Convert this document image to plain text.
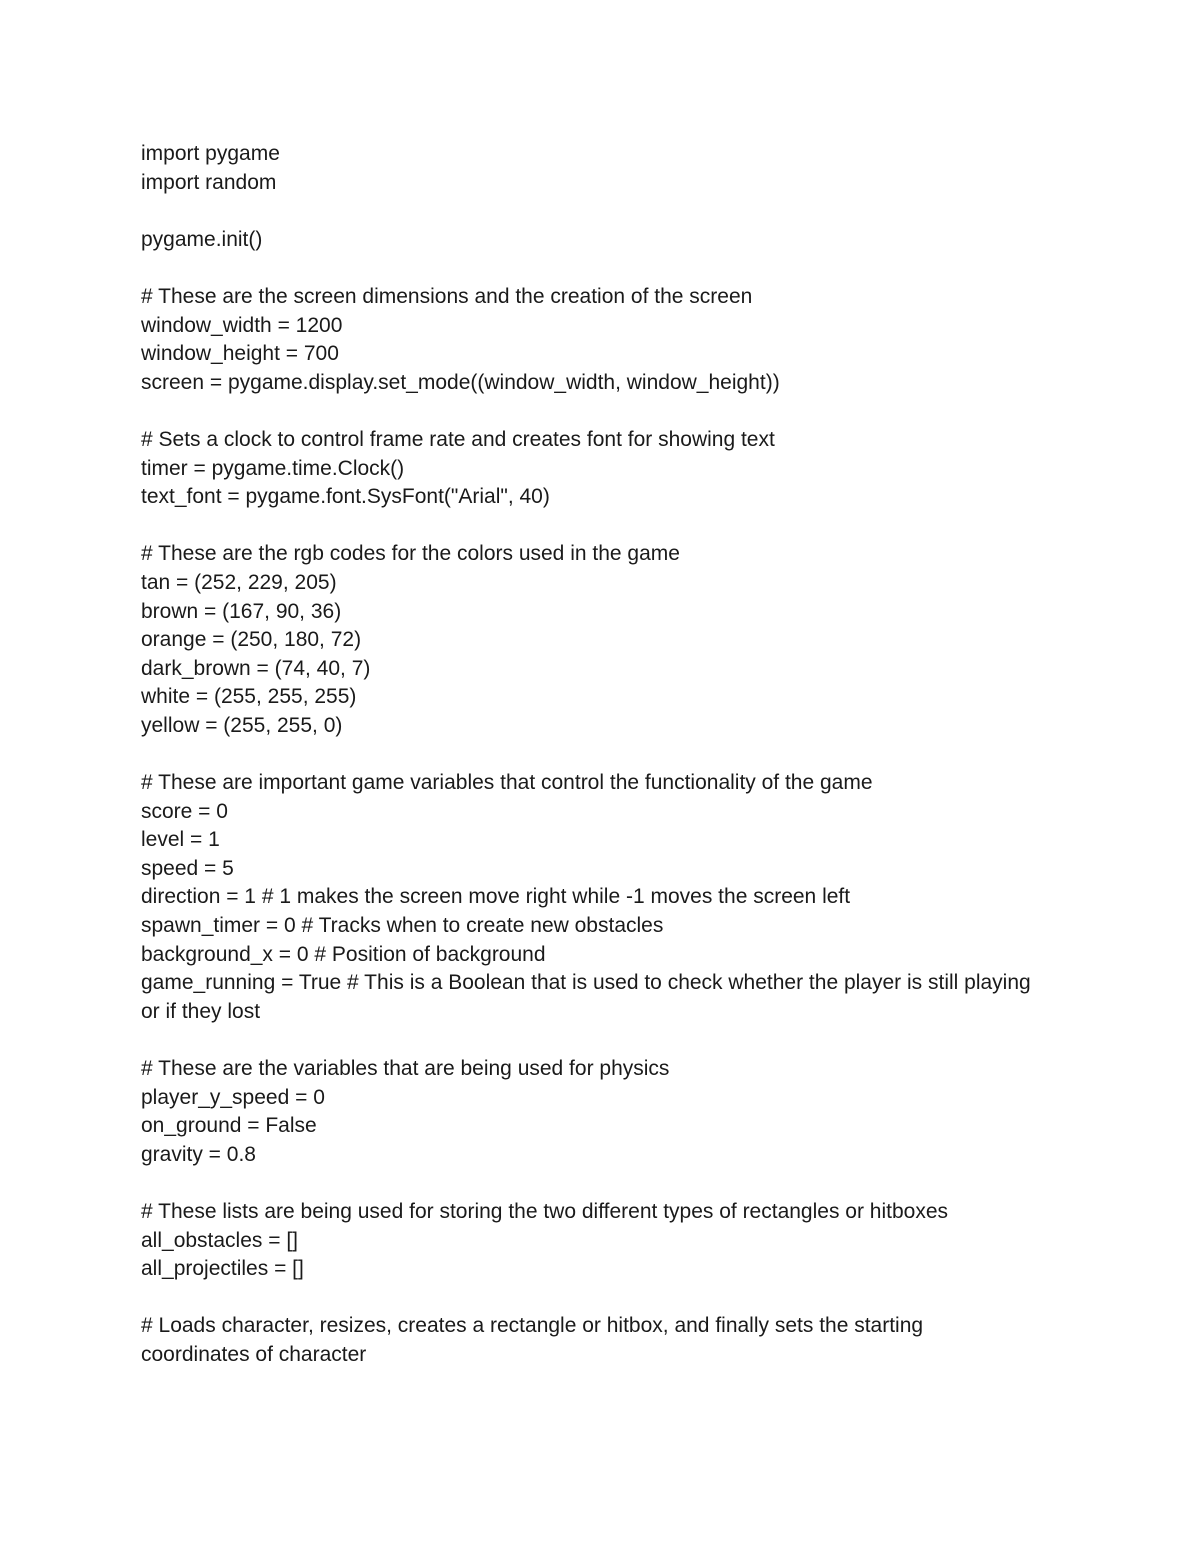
import pygame
import random
pygame.init()
# These are the screen dimensions and the creation of the screen
window_width = 1200
window_height = 700
screen = pygame.display.set_mode((window_width, window_height))
# Sets a clock to control frame rate and creates font for showing text
timer = pygame.time.Clock()
text_font = pygame.font.SysFont("Arial", 40)
# These are the rgb codes for the colors used in the game
tan = (252, 229, 205)
brown = (167, 90, 36)
orange = (250, 180, 72)
dark_brown = (74, 40, 7)
white = (255, 255, 255)
yellow = (255, 255, 0)
# These are important game variables that control the functionality of the game
score = 0
level = 1
speed = 5
direction = 1 # 1 makes the screen move right while -1 moves the screen left
spawn_timer = 0 # Tracks when to create new obstacles
background_x = 0 # Position of background
game_running = True # This is a Boolean that is used to check whether the player is still playing
or if they lost
# These are the variables that are being used for physics
player_y_speed = 0
on_ground = False
gravity = 0.8
# These lists are being used for storing the two different types of rectangles or hitboxes
all_obstacles = []
all_projectiles = []
# Loads character, resizes, creates a rectangle or hitbox, and finally sets the starting
coordinates of character
